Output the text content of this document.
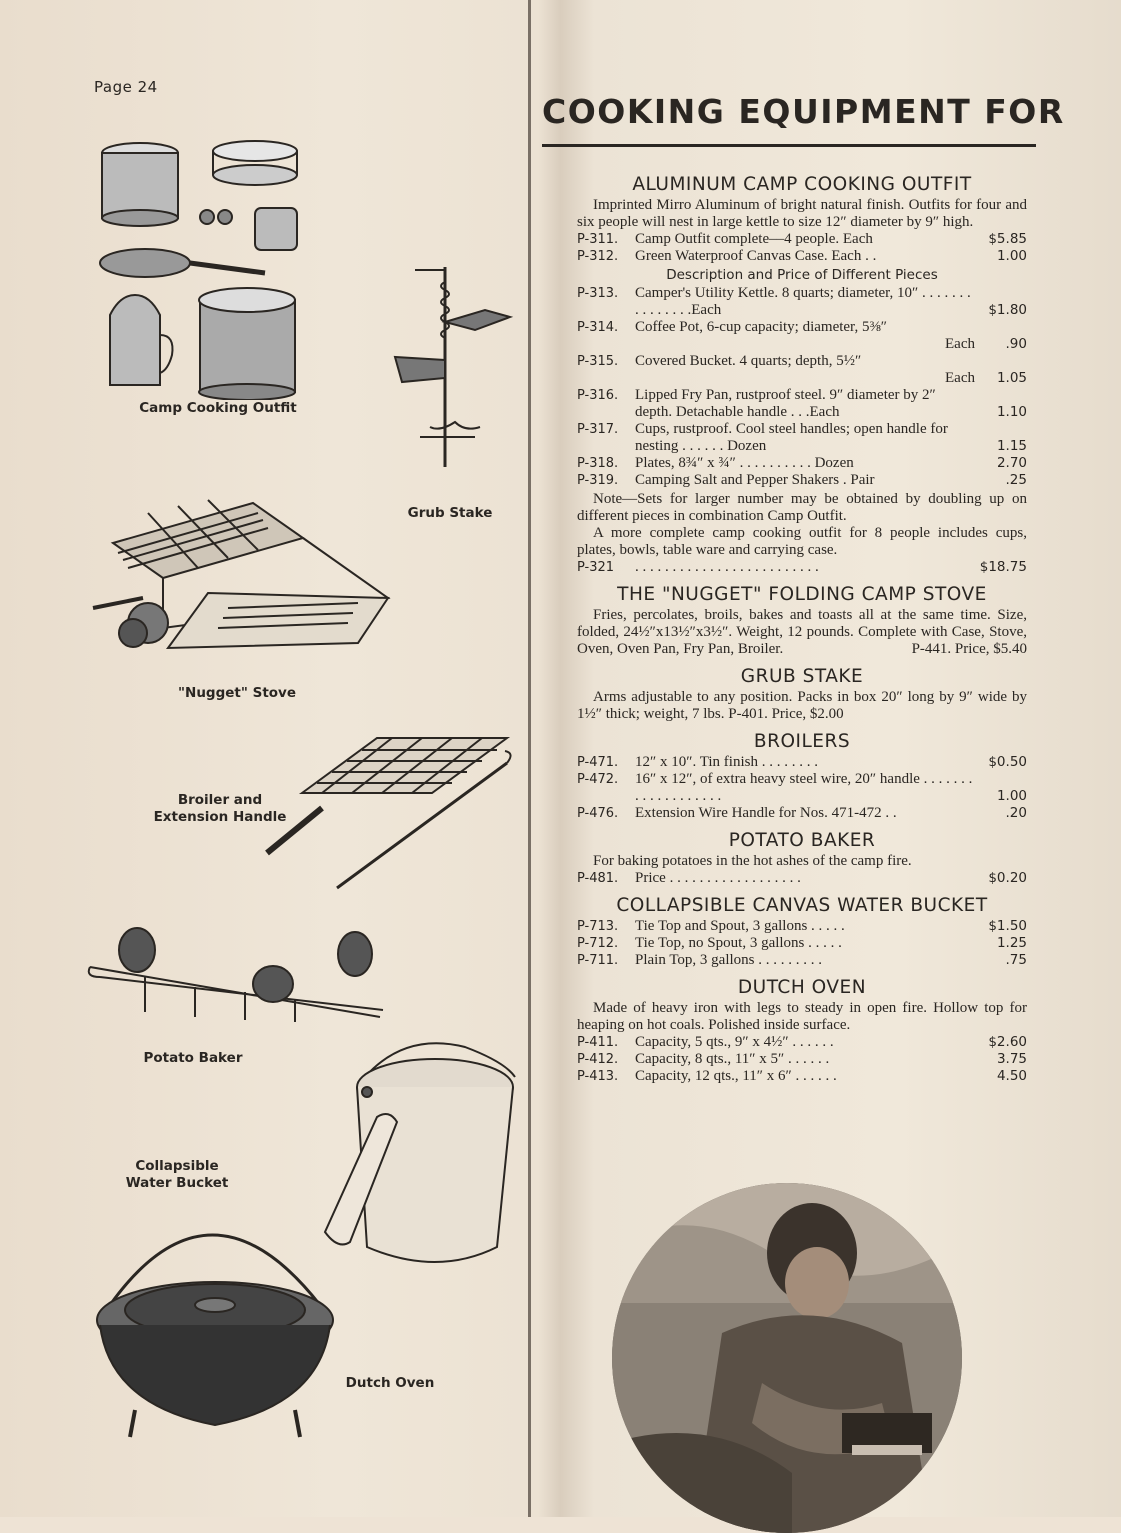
Page 24
COOKING EQUIPMENT FOR
Camp Cooking Outfit
Grub Stake
"Nugget" Stove
Broiler and
Extension Handle
Potato Baker
Collapsible
Water Bucket
Dutch Oven
ALUMINUM CAMP COOKING OUTFIT

Imprinted Mirro Aluminum of bright natural finish. Outfits for four and six people will nest in large kettle to size 12″ diameter by 9″ high.

P-311.	Camp Outfit complete––4 people. Each	$5.85
P-312.	Green Waterproof Canvas Case. Each . .	1.00
Description and Price of Different Pieces
P-313.	Camper's Utility Kettle. 8 quarts; diameter, 10″ . . . . . . . . . . . . . . .Each	$1.80
P-314.	Coffee Pot, 6-cup capacity; diameter, 5⅜″
Each	.90
P-315.	Covered Bucket. 4 quarts; depth, 5½″
Each	1.05
P-316.	Lipped Fry Pan, rustproof steel. 9″ diameter by 2″ depth. Detachable handle . . .Each	1.10
P-317.	Cups, rustproof. Cool steel handles; open handle for nesting . . . . . . Dozen	1.15
P-318.	Plates, 8¾″ x ¾″ . . . . . . . . . . Dozen	2.70
P-319.	Camping Salt and Pepper Shakers . Pair	.25

Note—Sets for larger number may be obtained by doubling up on different pieces in combination Camp Outfit.

A more complete camp cooking outfit for 8 people includes cups, plates, bowls, table ware and carrying case.

P-321	. . . . . . . . . . . . . . . . . . . . . . . . .	$18.75
THE "NUGGET" FOLDING CAMP STOVE

Fries, percolates, broils, bakes and toasts all at the same time. Size, folded, 24½″x13½″x3½″. Weight, 12 pounds. Complete with Case, Stove, Oven, Oven Pan, Fry Pan, Broiler.	P-441. Price, $5.40
GRUB STAKE

Arms adjustable to any position. Packs in box 20″ long by 9″ wide by 1½″ thick; weight, 7 lbs. P-401. Price, $2.00

BROILERS
P-471.	12″ x 10″. Tin finish . . . . . . . .	$0.50
P-472.	16″ x 12″, of extra heavy steel wire, 20″ handle . . . . . . . . . . . . . . . . . . .	1.00
P-476.	Extension Wire Handle for Nos. 471-472 . .	.20
POTATO BAKER

For baking potatoes in the hot ashes of the camp fire.

P-481.	Price . . . . . . . . . . . . . . . . . .	$0.20
COLLAPSIBLE CANVAS WATER BUCKET
P-713.	Tie Top and Spout, 3 gallons . . . . .	$1.50
P-712.	Tie Top, no Spout, 3 gallons . . . . .	1.25
P-711.	Plain Top, 3 gallons . . . . . . . . .	.75
DUTCH OVEN

Made of heavy iron with legs to steady in open fire. Hollow top for heaping on hot coals. Polished inside surface.

P-411.	Capacity, 5 qts., 9″ x 4½″ . . . . . .	$2.60
P-412.	Capacity, 8 qts., 11″ x 5″ . . . . . .	3.75
P-413.	Capacity, 12 qts., 11″ x 6″ . . . . . .	4.50
